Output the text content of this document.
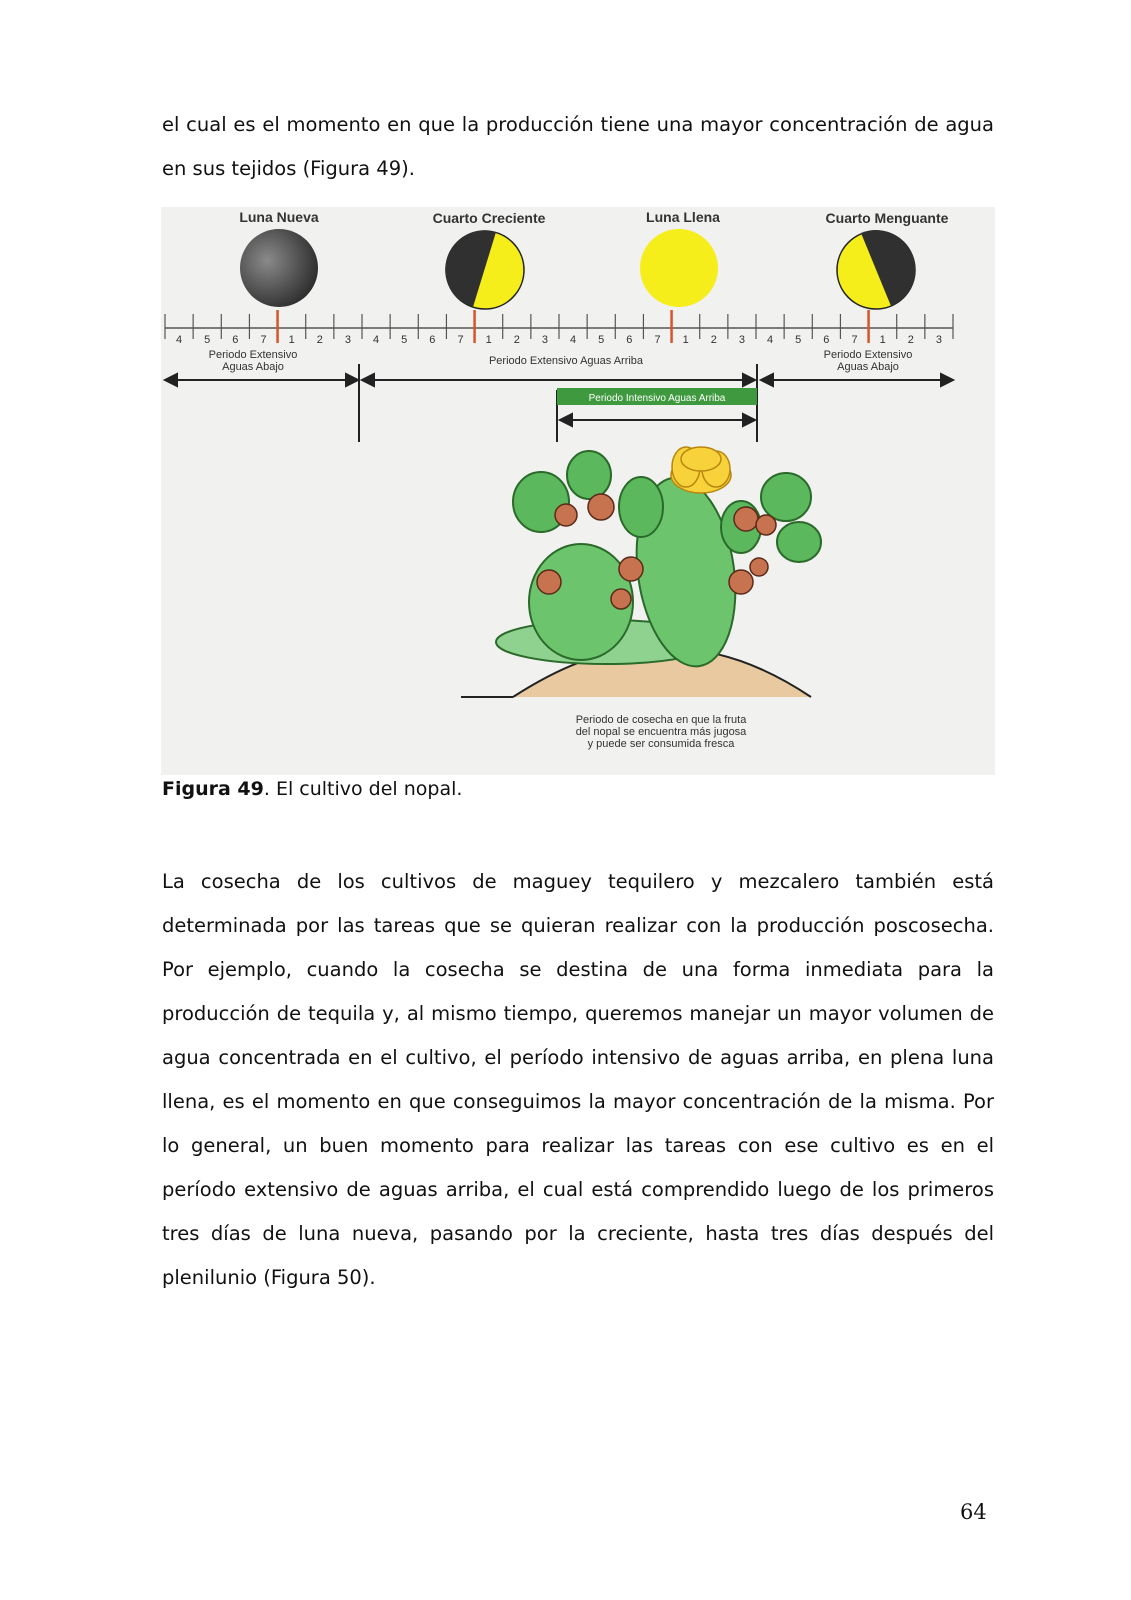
el cual es el momento en que la producción tiene una mayor concentración de agua en sus tejidos (Figura 49).

Luna Nueva	Cuarto Creciente	Luna Llena	Cuarto Menguante
4 5 6 7 1 2 3 4 5 6 7 1 2 3 4 5 6 7 1 2 3 4 5 6 7 1 2 3
Periodo Extensivo Aguas Abajo	Periodo Extensivo Aguas Arriba	Periodo Extensivo Aguas Abajo
Periodo Intensivo Aguas Arriba
Periodo de cosecha en que la fruta del nopal se encuentra más jugosa y puede ser consumida fresca

Figura 49. El cultivo del nopal.

La cosecha de los cultivos de maguey tequilero y mezcalero también está determinada por las tareas que se quieran realizar con la producción poscosecha. Por ejemplo, cuando la cosecha se destina de una forma inmediata para la producción de tequila y, al mismo tiempo, queremos manejar un mayor volumen de agua concentrada en el cultivo, el período intensivo de aguas arriba, en plena luna llena, es el momento en que conseguimos la mayor concentración de la misma. Por lo general, un buen momento para realizar las tareas con ese cultivo es en el período extensivo de aguas arriba, el cual está comprendido luego de los primeros tres días de luna nueva, pasando por la creciente, hasta tres días después del plenilunio (Figura 50).

64
